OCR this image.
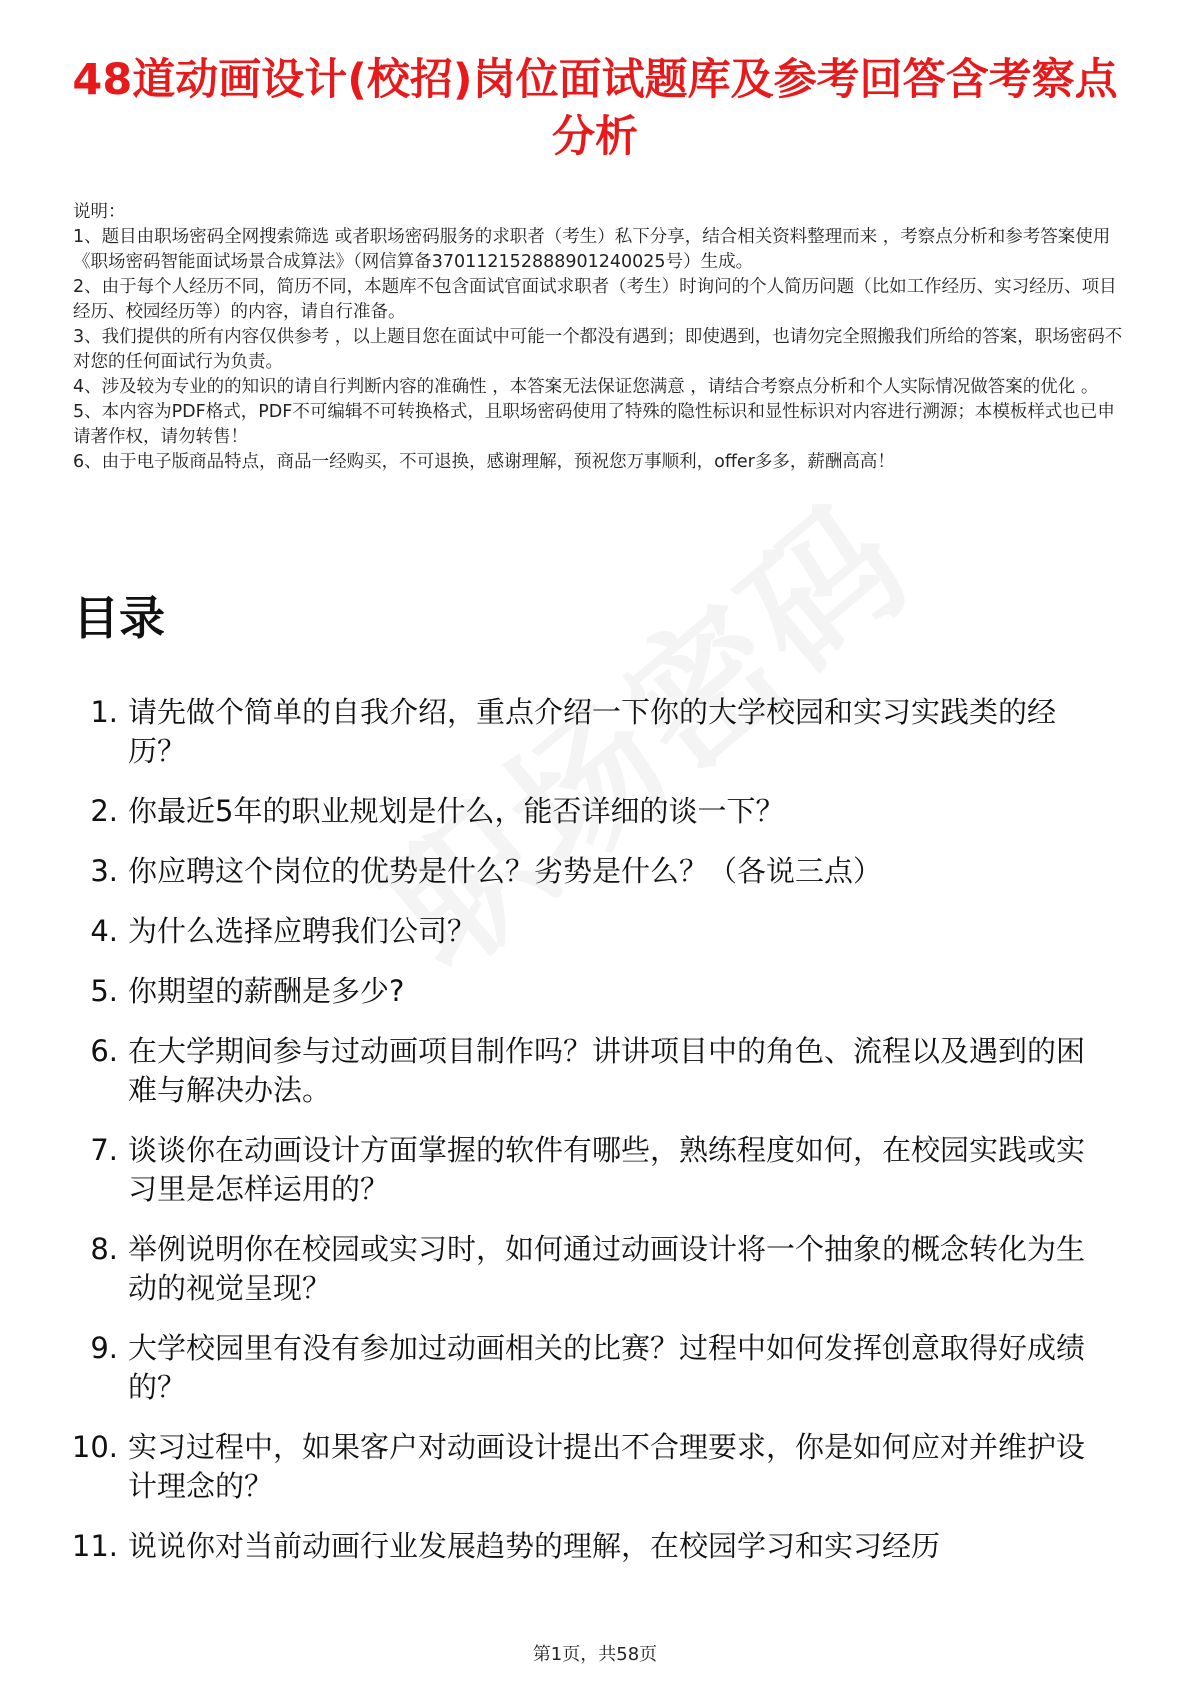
48道动画设计(校招)岗位面试题库及参考回答含考察点分析

说明：

1、题目由职场密码全网搜索筛选 或者职场密码服务的求职者（考生）私下分享，结合相关资料整理而来 ，考察点分析和参考答案使用《职场密码智能面试场景合成算法》（网信算备370112152888901240025号）生成。

2、由于每个人经历不同，简历不同，本题库不包含面试官面试求职者（考生）时询问的个人简历问题（比如工作经历、实习经历、项目经历、校园经历等）的内容，请自行准备。

3、我们提供的所有内容仅供参考 ，以上题目您在面试中可能一个都没有遇到；即使遇到，也请勿完全照搬我们所给的答案，职场密码不对您的任何面试行为负责。

4、涉及较为专业的的知识的请自行判断内容的准确性 ，本答案无法保证您满意 ，请结合考察点分析和个人实际情况做答案的优化 。

5、本内容为PDF格式，PDF不可编辑不可转换格式，且职场密码使用了特殊的隐性标识和显性标识对内容进行溯源；本模板样式也已申请著作权，请勿转售！

6、由于电子版商品特点，商品一经购买，不可退换，感谢理解，预祝您万事顺利，offer多多，薪酬高高！

目录
1. 请先做个简单的自我介绍，重点介绍一下你的大学校园和实习实践类的经历？
2. 你最近5年的职业规划是什么，能否详细的谈一下？
3. 你应聘这个岗位的优势是什么？劣势是什么？（各说三点）
4. 为什么选择应聘我们公司？
5. 你期望的薪酬是多少?
6. 在大学期间参与过动画项目制作吗？讲讲项目中的角色、流程以及遇到的困难与解决办法。
7. 谈谈你在动画设计方面掌握的软件有哪些，熟练程度如何，在校园实践或实习里是怎样运用的？
8. 举例说明你在校园或实习时，如何通过动画设计将一个抽象的概念转化为生动的视觉呈现？
9. 大学校园里有没有参加过动画相关的比赛？过程中如何发挥创意取得好成绩的？
10. 实习过程中，如果客户对动画设计提出不合理要求，你是如何应对并维护设计理念的？
11. 说说你对当前动画行业发展趋势的理解，在校园学习和实习经历
第1页，共58页
